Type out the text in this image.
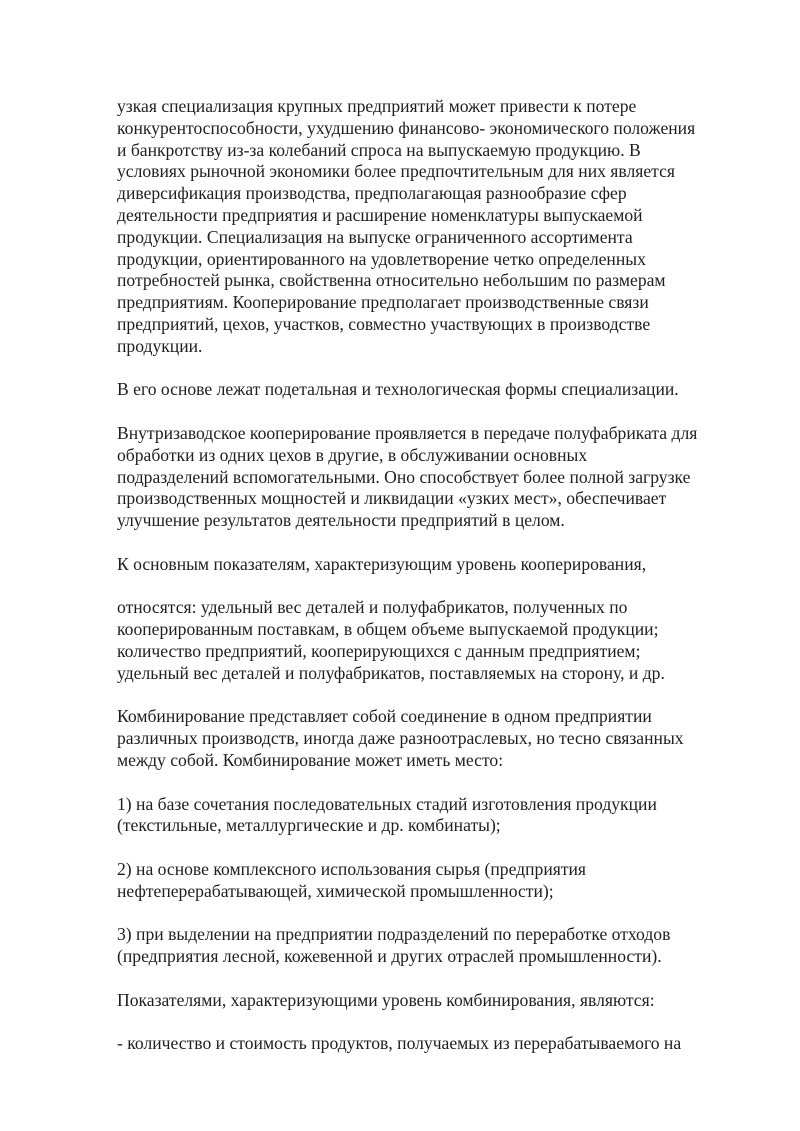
узкая специализация крупных предприятий может привести к потере
конкурентоспособности, ухудшению финансово- экономического положения
и банкротству из-за колебаний спроса на выпускаемую продукцию. В
условиях рыночной экономики более предпочтительным для них является
диверсификация производства, предполагающая разнообразие сфер
деятельности предприятия и расширение номенклатуры выпускаемой
продукции. Специализация на выпуске ограниченного ассортимента
продукции, ориентированного на удовлетворение четко определенных
потребностей рынка, свойственна относительно небольшим по размерам
предприятиям. Кооперирование предполагает производственные связи
предприятий, цехов, участков, совместно участвующих в производстве
продукции.

В его основе лежат подетальная и технологическая формы специализации.

Внутризаводское кооперирование проявляется в передаче полуфабриката для
обработки из одних цехов в другие, в обслуживании основных
подразделений вспомогательными. Оно способствует более полной загрузке
производственных мощностей и ликвидации «узких мест», обеспечивает
улучшение результатов деятельности предприятий в целом.

К основным показателям, характеризующим уровень кооперирования,

относятся: удельный вес деталей и полуфабрикатов, полученных по
кооперированным поставкам, в общем объеме выпускаемой продукции;
количество предприятий, кооперирующихся с данным предприятием;
удельный вес деталей и полуфабрикатов, поставляемых на сторону, и др.

Комбинирование представляет собой соединение в одном предприятии
различных производств, иногда даже разноотраслевых, но тесно связанных
между собой. Комбинирование может иметь место:

1) на базе сочетания последовательных стадий изготовления продукции
(текстильные, металлургические и др. комбинаты);

2) на основе комплексного использования сырья (предприятия
нефтеперерабатывающей, химической промышленности);

3) при выделении на предприятии подразделений по переработке отходов
(предприятия лесной, кожевенной и других отраслей промышленности).

Показателями, характеризующими уровень комбинирования, являются:

- количество и стоимость продуктов, получаемых из перерабатываемого на
